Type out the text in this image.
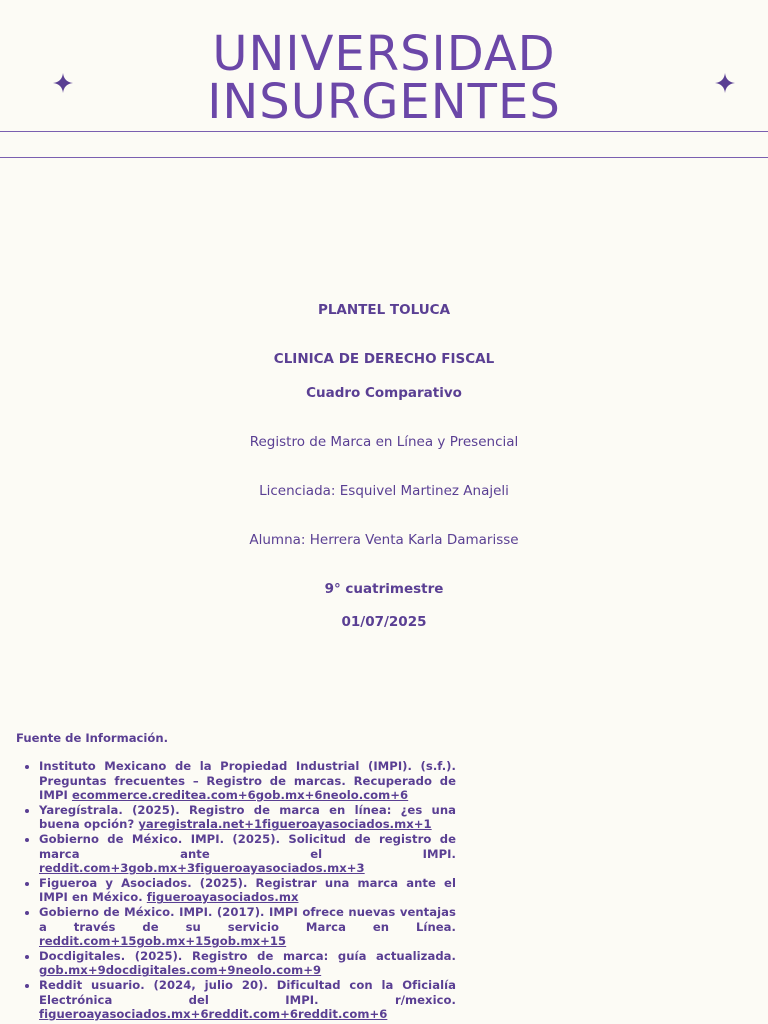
UNIVERSIDAD
INSURGENTES
PLANTEL TOLUCA
CLINICA DE DERECHO FISCAL
Cuadro Comparativo
Registro de Marca en Línea y Presencial
Licenciada: Esquivel Martinez Anajeli
Alumna: Herrera Venta Karla Damarisse
9° cuatrimestre
01/07/2025
Fuente de Información.
• Instituto Mexicano de la Propiedad Industrial (IMPI). (s.f.). Preguntas frecuentes – Registro de marcas. Recuperado de IMPI ecommerce.creditea.com+6gob.mx+6neolo.com+6
• Yaregístrala. (2025). Registro de marca en línea: ¿es una buena opción? yaregistrala.net+1figueroayasociados.mx+1
• Gobierno de México. IMPI. (2025). Solicitud de registro de marca ante el IMPI. reddit.com+3gob.mx+3figueroayasociados.mx+3
• Figueroa y Asociados. (2025). Registrar una marca ante el IMPI en México. figueroayasociados.mx
• Gobierno de México. IMPI. (2017). IMPI ofrece nuevas ventajas a través de su servicio Marca en Línea. reddit.com+15gob.mx+15gob.mx+15
• Docdigitales. (2025). Registro de marca: guía actualizada. gob.mx+9docdigitales.com+9neolo.com+9
• Reddit usuario. (2024, julio 20). Dificultad con la Oficialía Electrónica del IMPI. r/mexico. figueroayasociados.mx+6reddit.com+6reddit.com+6
